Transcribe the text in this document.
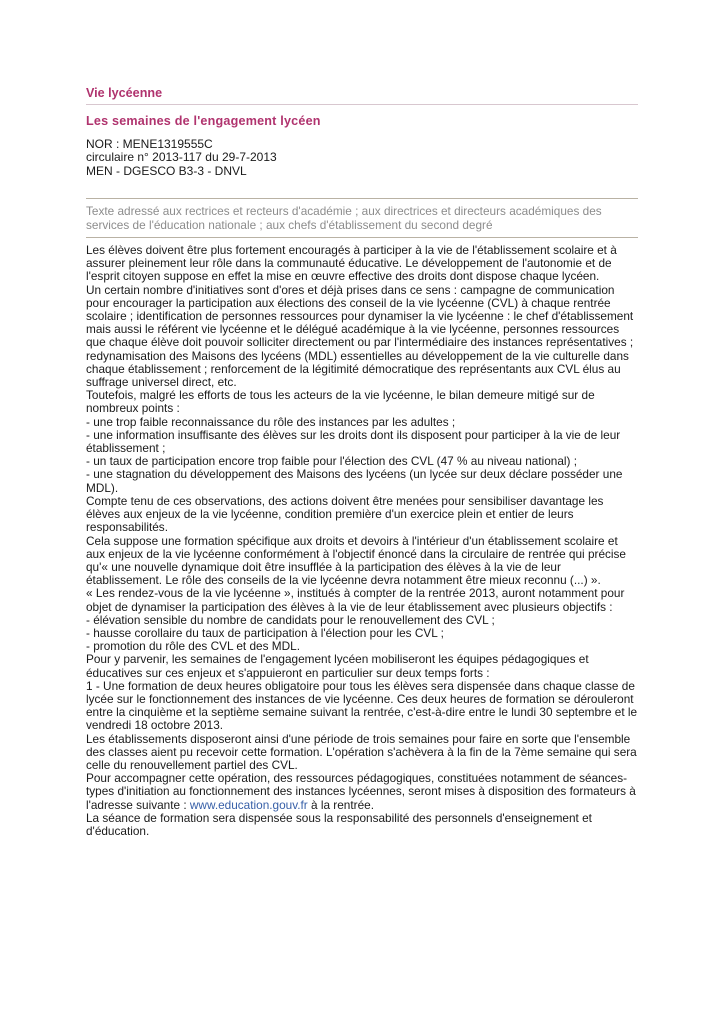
Vie lycéenne
Les semaines de l'engagement lycéen
NOR : MENE1319555C
circulaire n° 2013-117 du 29-7-2013
MEN - DGESCO B3-3 - DNVL
Texte adressé aux rectrices et recteurs d'académie ; aux directrices et directeurs académiques des services de l'éducation nationale ; aux chefs d'établissement du second degré

Les élèves doivent être plus fortement encouragés à participer à la vie de l'établissement scolaire et à assurer pleinement leur rôle dans la communauté éducative. Le développement de l'autonomie et de l'esprit citoyen suppose en effet la mise en œuvre effective des droits dont dispose chaque lycéen.

Un certain nombre d'initiatives sont d'ores et déjà prises dans ce sens : campagne de communication pour encourager la participation aux élections des conseil de la vie lycéenne (CVL) à chaque rentrée scolaire ; identification de personnes ressources pour dynamiser la vie lycéenne : le chef d'établissement mais aussi le référent vie lycéenne et le délégué académique à la vie lycéenne, personnes ressources que chaque élève doit pouvoir solliciter directement ou par l'intermédiaire des instances représentatives ; redynamisation des Maisons des lycéens (MDL) essentielles au développement de la vie culturelle dans chaque établissement ; renforcement de la légitimité démocratique des représentants aux CVL élus au suffrage universel direct, etc.

Toutefois, malgré les efforts de tous les acteurs de la vie lycéenne, le bilan demeure mitigé sur de nombreux points :

- une trop faible reconnaissance du rôle des instances par les adultes ;

- une information insuffisante des élèves sur les droits dont ils disposent pour participer à la vie de leur établissement ;

- un taux de participation encore trop faible pour l'élection des CVL (47 % au niveau national) ;

- une stagnation du développement des Maisons des lycéens (un lycée sur deux déclare posséder une MDL).

Compte tenu de ces observations, des actions doivent être menées pour sensibiliser davantage les élèves aux enjeux de la vie lycéenne, condition première d'un exercice plein et entier de leurs responsabilités.

Cela suppose une formation spécifique aux droits et devoirs à l'intérieur d'un établissement scolaire et aux enjeux de la vie lycéenne conformément à l'objectif énoncé dans la circulaire de rentrée qui précise qu'« une nouvelle dynamique doit être insufflée à la participation des élèves à la vie de leur établissement. Le rôle des conseils de la vie lycéenne devra notamment être mieux reconnu (...) ».

« Les rendez-vous de la vie lycéenne », institués à compter de la rentrée 2013, auront notamment pour objet de dynamiser la participation des élèves à la vie de leur établissement avec plusieurs objectifs :

- élévation sensible du nombre de candidats pour le renouvellement des CVL ;

- hausse corollaire du taux de participation à l'élection pour les CVL ;

- promotion du rôle des CVL et des MDL.

Pour y parvenir, les semaines de l'engagement lycéen mobiliseront les équipes pédagogiques et éducatives sur ces enjeux et s'appuieront en particulier sur deux temps forts :

1 - Une formation de deux heures obligatoire pour tous les élèves sera dispensée dans chaque classe de lycée sur le fonctionnement des instances de vie lycéenne. Ces deux heures de formation se dérouleront entre la cinquième et la septième semaine suivant la rentrée, c'est-à-dire entre le lundi 30 septembre et le vendredi 18 octobre 2013.

Les établissements disposeront ainsi d'une période de trois semaines pour faire en sorte que l'ensemble des classes aient pu recevoir cette formation. L'opération s'achèvera à la fin de la 7ème semaine qui sera celle du renouvellement partiel des CVL.

Pour accompagner cette opération, des ressources pédagogiques, constituées notamment de séances-types d'initiation au fonctionnement des instances lycéennes, seront mises à disposition des formateurs à l'adresse suivante : www.education.gouv.fr à la rentrée.

La séance de formation sera dispensée sous la responsabilité des personnels d'enseignement et d'éducation.
